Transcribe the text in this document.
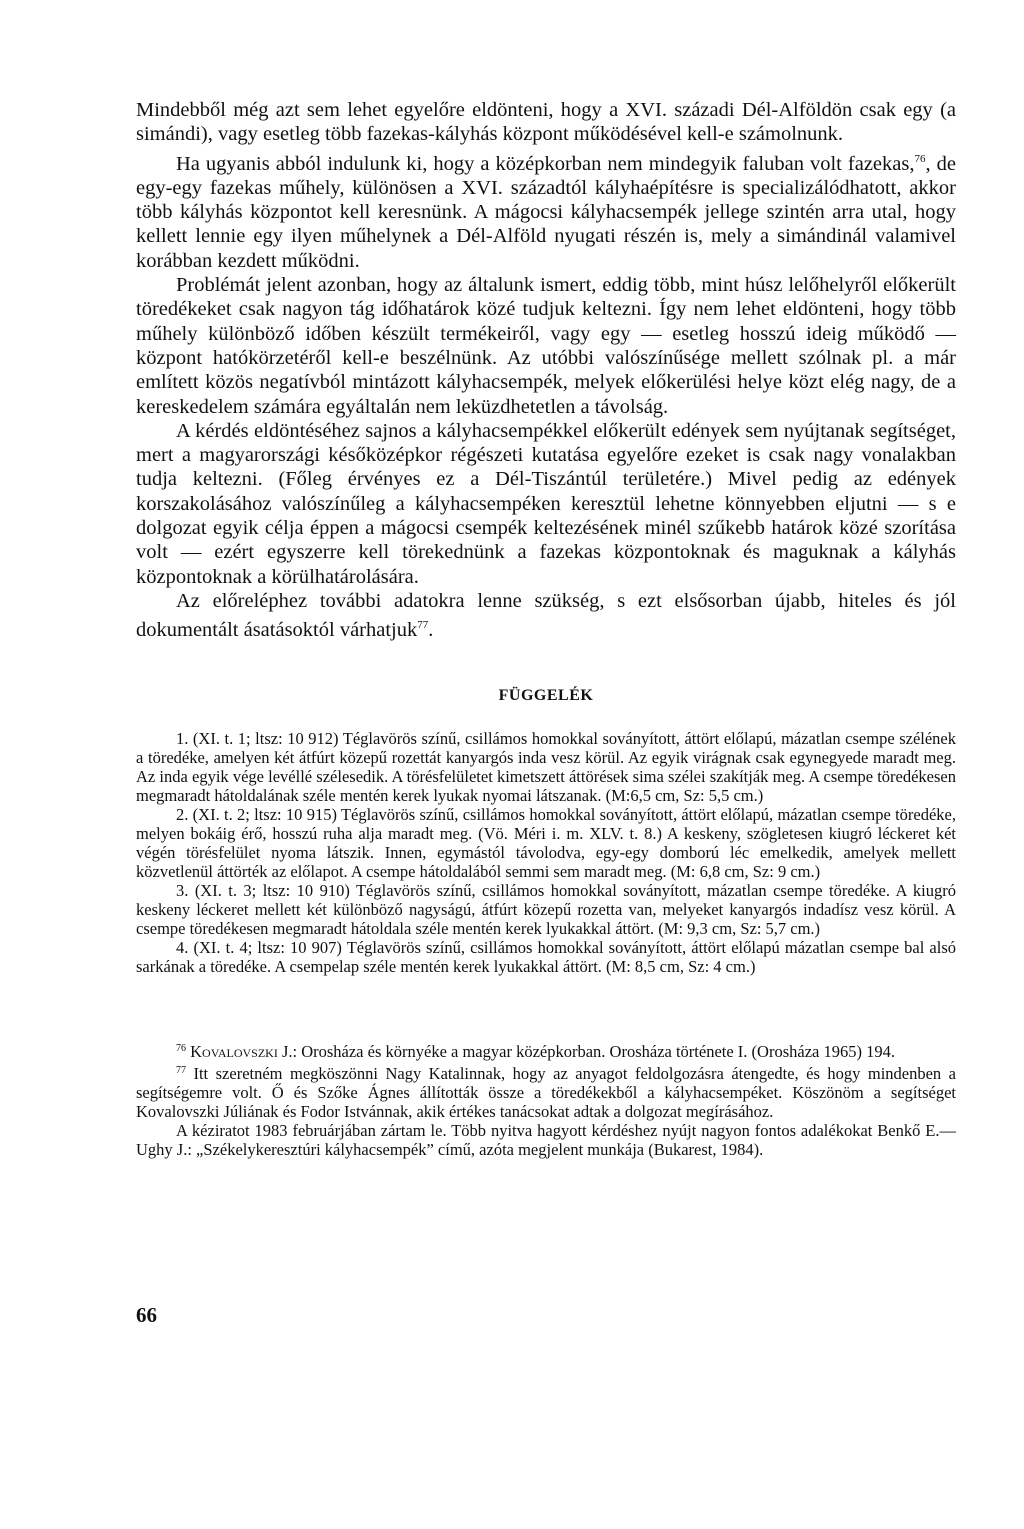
Mindebből még azt sem lehet egyelőre eldönteni, hogy a XVI. századi Dél-Alföldön csak egy (a simándi), vagy esetleg több fazekas-kályhás központ működésével kell-e számolnunk.

Ha ugyanis abból indulunk ki, hogy a középkorban nem mindegyik faluban volt fazekas,$^{76}$, de egy-egy fazekas műhely, különösen a XVI. századtól kályhaépítésre is specializálódhatott, akkor több kályhás központot kell keresnünk. A mágocsi kályhacsempék jellege szintén arra utal, hogy kellett lennie egy ilyen műhelynek a Dél-Alföld nyugati részén is, mely a simándinál valamivel korábban kezdett működni.

Problémát jelent azonban, hogy az általunk ismert, eddig több, mint húsz lelőhelyről előkerült töredékeket csak nagyon tág időhatárok közé tudjuk keltezni. Így nem lehet eldönteni, hogy több műhely különböző időben készült termékeiről, vagy egy — esetleg hosszú ideig működő — központ hatókörzetéről kell-e beszélnünk. Az utóbbi valószínűsége mellett szólnak pl. a már említett közös negatívból mintázott kályhacsempék, melyek előkerülési helye közt elég nagy, de a kereskedelem számára egyáltalán nem leküzdhetetlen a távolság.

A kérdés eldöntéséhez sajnos a kályhacsempékkel előkerült edények sem nyújtanak segítséget, mert a magyarországi későközépkor régészeti kutatása egyelőre ezeket is csak nagy vonalakban tudja keltezni. (Főleg érvényes ez a Dél-Tiszántúl területére.) Mivel pedig az edények korszakolásához valószínűleg a kályhacsempéken keresztül lehetne könnyebben eljutni — s e dolgozat egyik célja éppen a mágocsi csempék keltezésének minél szűkebb határok közé szorítása volt — ezért egyszerre kell törekednünk a fazekas központoknak és maguknak a kályhás központoknak a körülhatárolására.

Az előreléphez további adatokra lenne szükség, s ezt elsősorban újabb, hiteles és jól dokumentált ásatásoktól várhatjuk$^{77}$.

FÜGGELÉK

1. (XI. t. 1; ltsz: 10 912) Téglavörös színű, csillámos homokkal soványított, áttört előlapú, mázatlan csempe szélének a töredéke, amelyen két átfúrt közepű rozettát kanyargós inda vesz körül. Az egyik virágnak csak egynegyede maradt meg. Az inda egyik vége levéllé szélesedik. A törésfelületet kimetszett áttörések sima szélei szakítják meg. A csempe töredékesen megmaradt hátoldalának széle mentén kerek lyukak nyomai látszanak. (M:6,5 cm, Sz: 5,5 cm.)

2. (XI. t. 2; ltsz: 10 915) Téglavörös színű, csillámos homokkal soványított, áttört előlapú, mázatlan csempe töredéke, melyen bokáig érő, hosszú ruha alja maradt meg. (Vö. Méri i. m. XLV. t. 8.) A keskeny, szögletesen kiugró léckeret két végén törésfelület nyoma látszik. Innen, egymástól távolodva, egy-egy domború léc emelkedik, amelyek mellett közvetlenül áttörték az előlapot. A csempe hátoldalából semmi sem maradt meg. (M: 6,8 cm, Sz: 9 cm.)

3. (XI. t. 3; ltsz: 10 910) Téglavörös színű, csillámos homokkal soványított, mázatlan csempe töredéke. A kiugró keskeny léckeret mellett két különböző nagyságú, átfúrt közepű rozetta van, melyeket kanyargós indadísz vesz körül. A csempe töredékesen megmaradt hátoldala széle mentén kerek lyukakkal áttört. (M: 9,3 cm, Sz: 5,7 cm.)

4. (XI. t. 4; ltsz: 10 907) Téglavörös színű, csillámos homokkal soványított, áttört előlapú mázatlan csempe bal alsó sarkának a töredéke. A csempelap széle mentén kerek lyukakkal áttört. (M: 8,5 cm, Sz: 4 cm.)

$^{76}$ Kovalovszki J.: Orosháza és környéke a magyar középkorban. Orosháza története I. (Orosháza 1965) 194.

$^{77}$ Itt szeretném megköszönni Nagy Katalinnak, hogy az anyagot feldolgozásra átengedte, és hogy mindenben a segítségemre volt. Ő és Szőke Ágnes állították össze a töredékekből a kályhacsempéket. Köszönöm a segítséget Kovalovszki Júliának és Fodor Istvánnak, akik értékes tanácsokat adtak a dolgozat megírásához.

A kéziratot 1983 februárjában zártam le. Több nyitva hagyott kérdéshez nyújt nagyon fontos adalékokat Benkő E.—Ughy J.: „Székelykeresztúri kályhacsempék” című, azóta megjelent munkája (Bukarest, 1984).

66
